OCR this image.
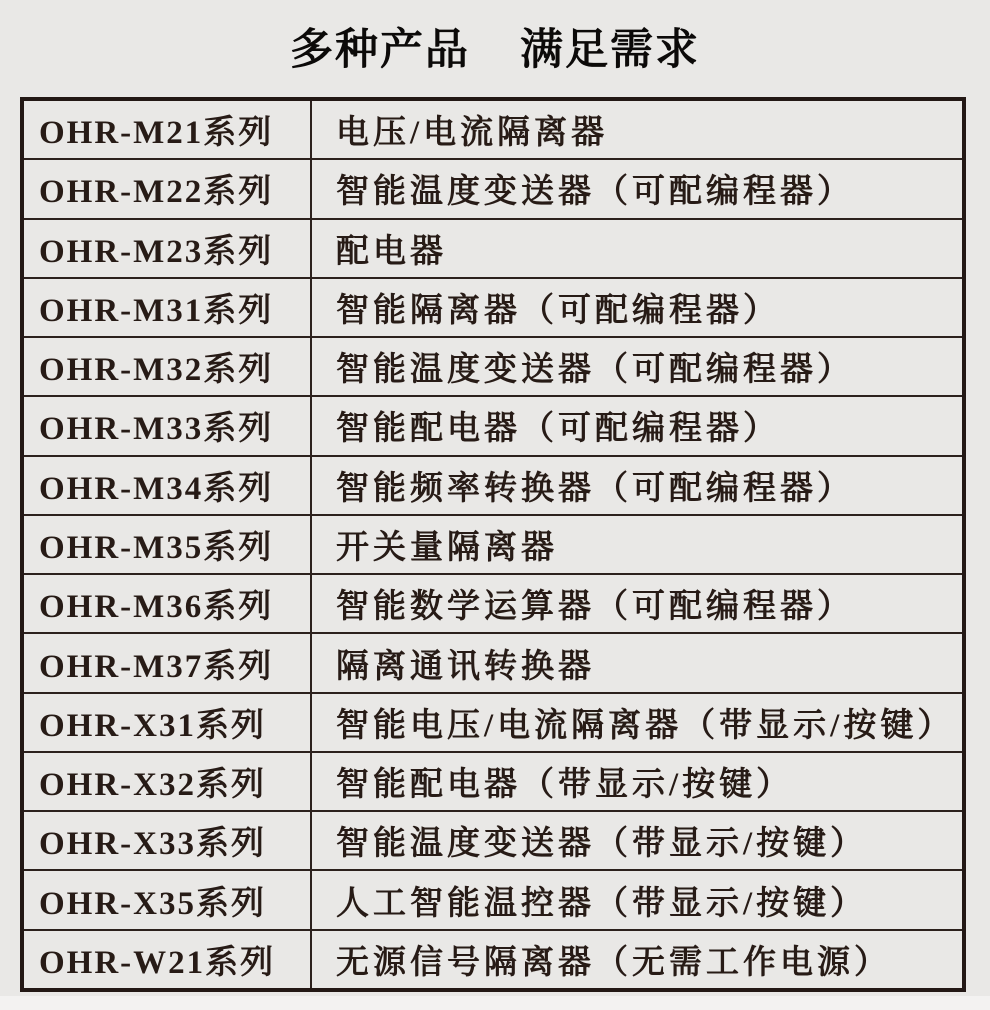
多种产品 满足需求
OHR-M21系列	电压/电流隔离器
OHR-M22系列	智能温度变送器（可配编程器）
OHR-M23系列	配电器
OHR-M31系列	智能隔离器（可配编程器）
OHR-M32系列	智能温度变送器（可配编程器）
OHR-M33系列	智能配电器（可配编程器）
OHR-M34系列	智能频率转换器（可配编程器）
OHR-M35系列	开关量隔离器
OHR-M36系列	智能数学运算器（可配编程器）
OHR-M37系列	隔离通讯转换器
OHR-X31系列	智能电压/电流隔离器（带显示/按键）
OHR-X32系列	智能配电器（带显示/按键）
OHR-X33系列	智能温度变送器（带显示/按键）
OHR-X35系列	人工智能温控器（带显示/按键）
OHR-W21系列	无源信号隔离器（无需工作电源）
